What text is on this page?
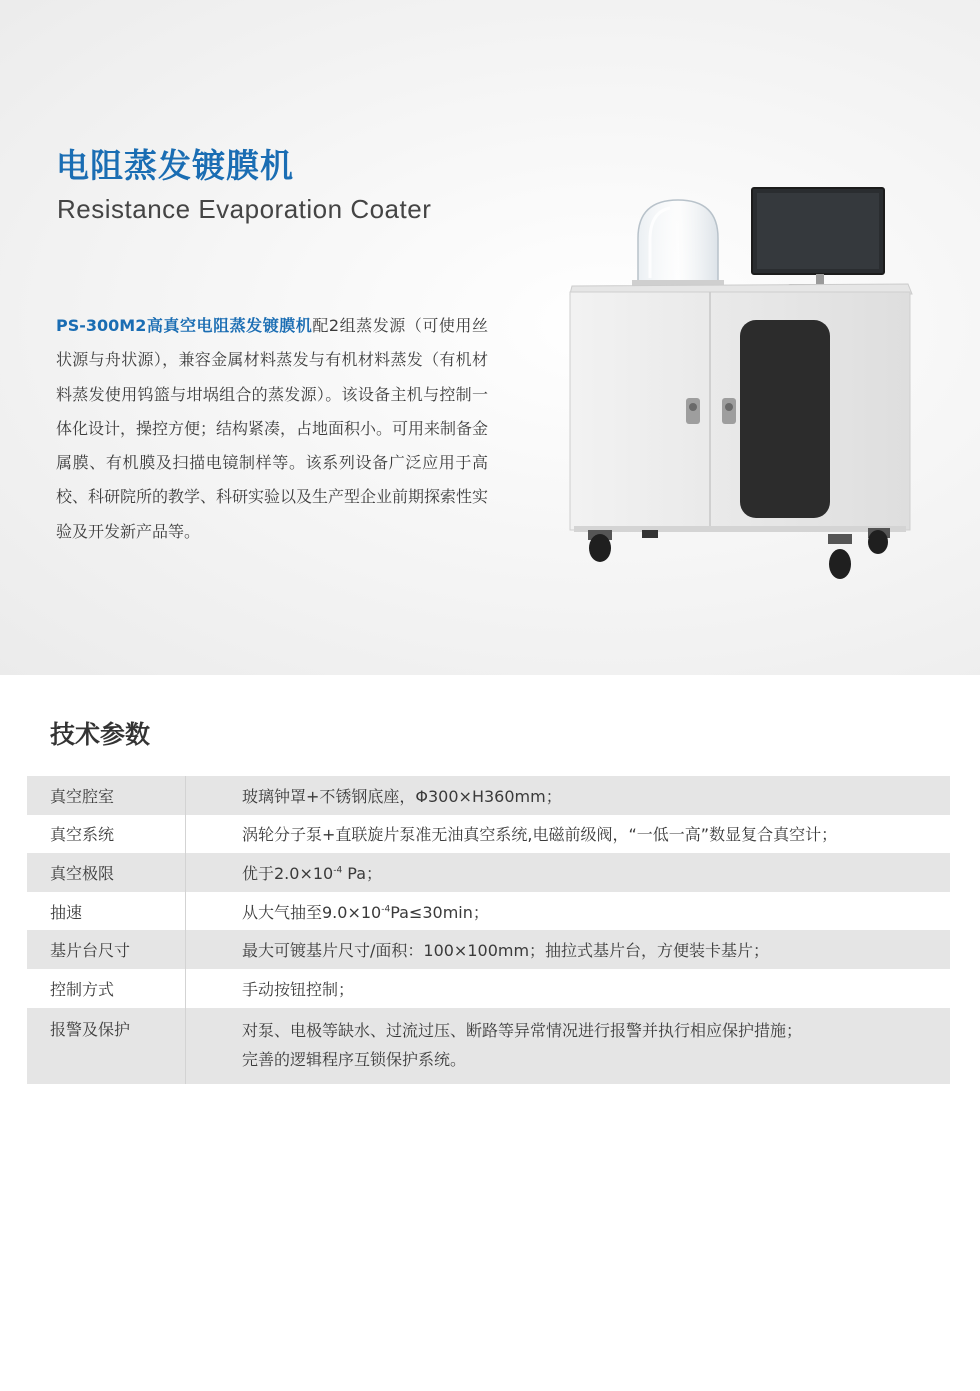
电阻蒸发镀膜机
Resistance Evaporation Coater

PS-300M2高真空电阻蒸发镀膜机配2组蒸发源（可使用丝状源与舟状源），兼容金属材料蒸发与有机材料蒸发（有机材料蒸发使用钨篮与坩埚组合的蒸发源）。该设备主机与控制一体化设计，操控方便；结构紧凑，占地面积小。可用来制备金属膜、有机膜及扫描电镜制样等。该系列设备广泛应用于高校、科研院所的教学、科研实验以及生产型企业前期探索性实验及开发新产品等。

技术参数
真空腔室	玻璃钟罩+不锈钢底座，Φ300×H360mm；
真空系统	涡轮分子泵+直联旋片泵准无油真空系统,电磁前级阀，“一低一高”数显复合真空计；
真空极限	优于$2.0\times 10^{-4}$ Pa；
抽速	从大气抽至$9.0\times 10^{-4}Pa\le 30\min$；
基片台尺寸	最大可镀基片尺寸/面积：100×100mm；抽拉式基片台，方便装卡基片；
控制方式	手动按钮控制；
报警及保护	对泵、电极等缺水、过流过压、断路等异常情况进行报警并执行相应保护措施；
完善的逻辑程序互锁保护系统。
